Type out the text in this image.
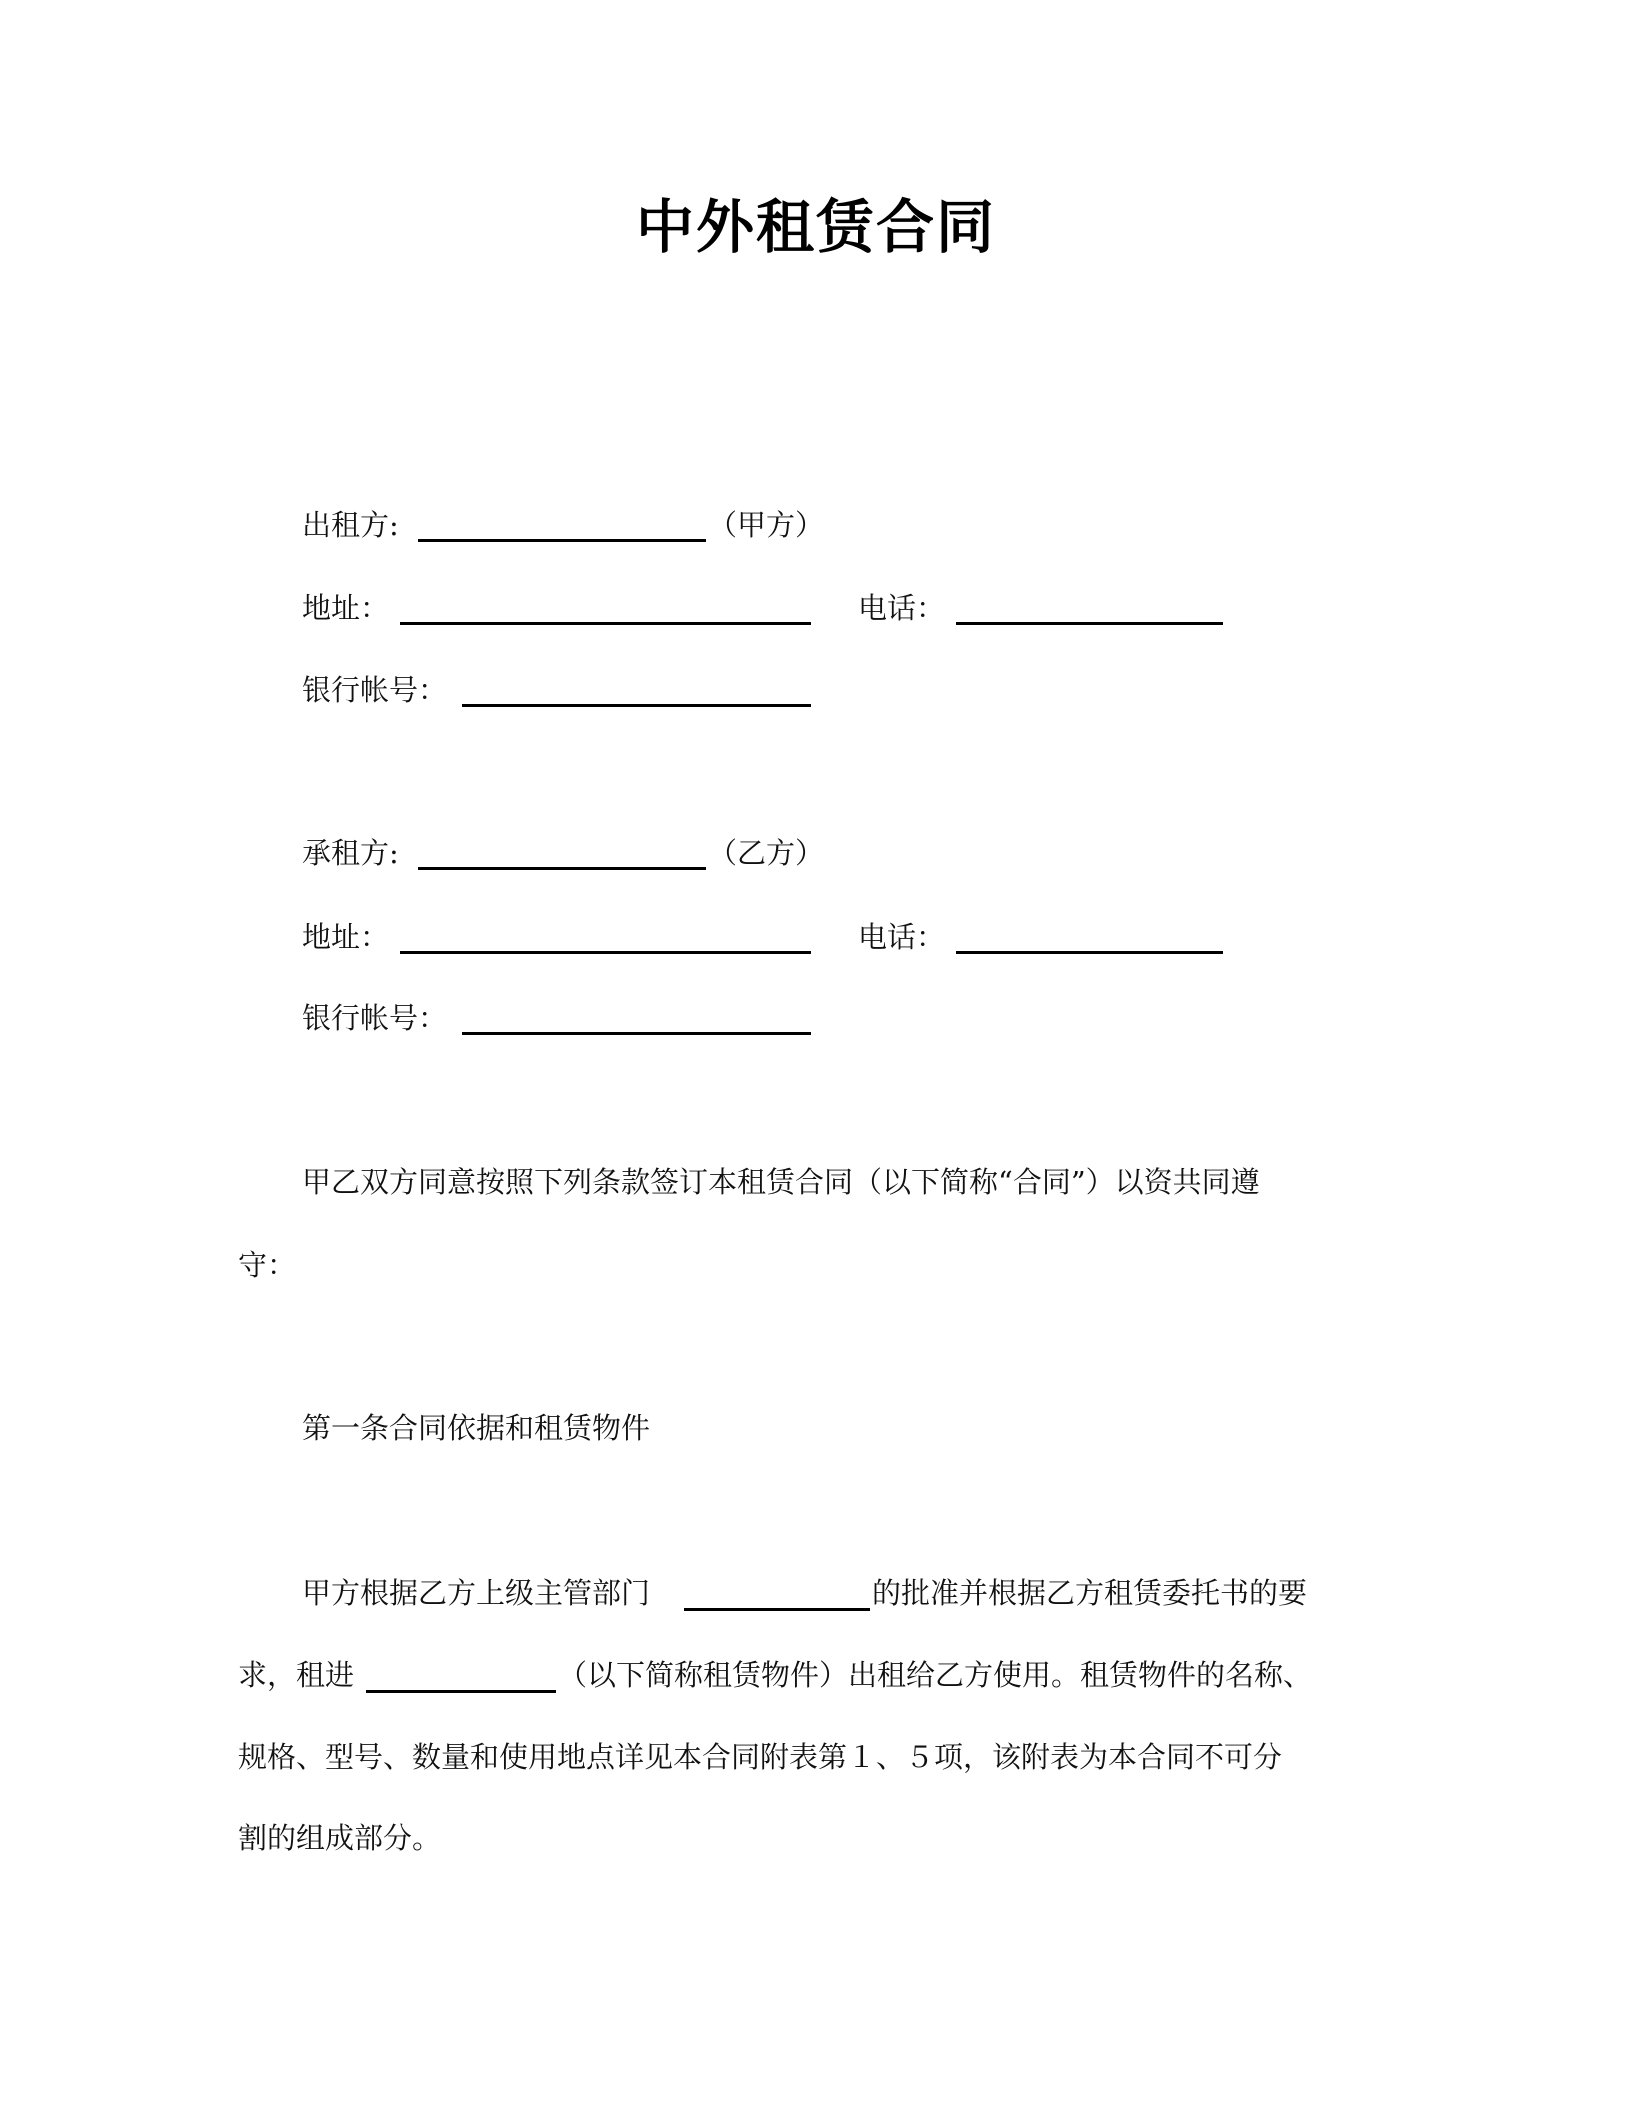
中外租赁合同
出租方:	（甲方）
地址：	电话：
银行帐号：
承租方:	（乙方）
地址：	电话：
银行帐号：
甲乙双方同意按照下列条款签订本租赁合同（以下简称“合同”）以资共同遵
守：
第一条合同依据和租赁物件
甲方根据乙方上级主管部门	的批准并根据乙方租赁委托书的要
求，租进	（以下简称租赁物件）出租给乙方使用。租赁物件的名称、
规格、型号、数量和使用地点详见本合同附表第１、５项，该附表为本合同不可分
割的组成部分。
